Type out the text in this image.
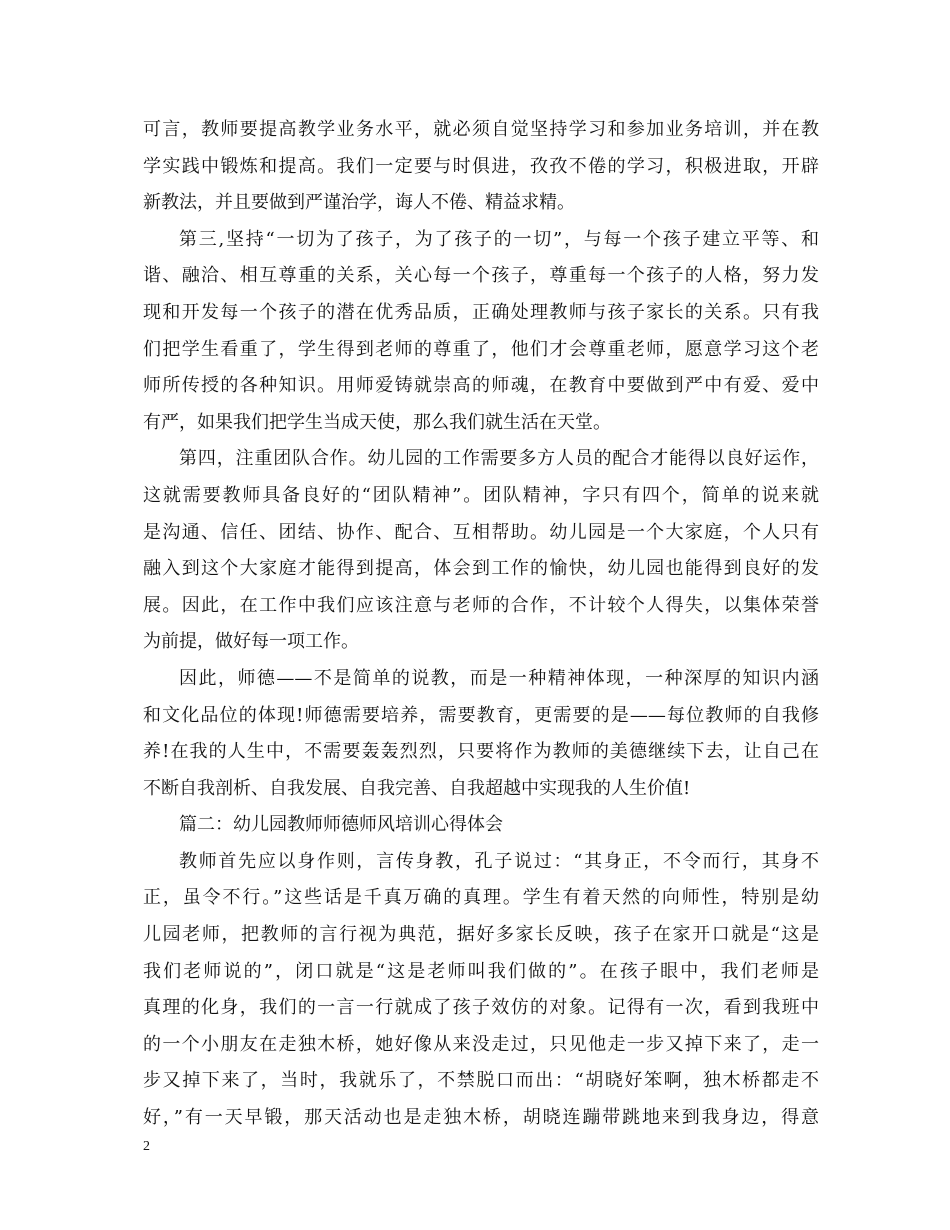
可言，教师要提高教学业务水平，就必须自觉坚持学习和参加业务培训，并在教
学实践中锻炼和提高。我们一定要与时俱进，孜孜不倦的学习，积极进取，开辟
新教法，并且要做到严谨治学，诲人不倦、精益求精。
第三,坚持“一切为了孩子，为了孩子的一切”，与每一个孩子建立平等、和
谐、融洽、相互尊重的关系，关心每一个孩子，尊重每一个孩子的人格，努力发
现和开发每一个孩子的潜在优秀品质，正确处理教师与孩子家长的关系。只有我
们把学生看重了，学生得到老师的尊重了，他们才会尊重老师，愿意学习这个老
师所传授的各种知识。用师爱铸就崇高的师魂，在教育中要做到严中有爱、爱中
有严，如果我们把学生当成天使，那么我们就生活在天堂。
第四，注重团队合作。幼儿园的工作需要多方人员的配合才能得以良好运作，
这就需要教师具备良好的“团队精神”。团队精神，字只有四个，简单的说来就
是沟通、信任、团结、协作、配合、互相帮助。幼儿园是一个大家庭，个人只有
融入到这个大家庭才能得到提高，体会到工作的愉快，幼儿园也能得到良好的发
展。因此，在工作中我们应该注意与老师的合作，不计较个人得失，以集体荣誉
为前提，做好每一项工作。
因此，师德——不是简单的说教，而是一种精神体现，一种深厚的知识内涵
和文化品位的体现!师德需要培养，需要教育，更需要的是——每位教师的自我修
养!在我的人生中，不需要轰轰烈烈，只要将作为教师的美德继续下去，让自己在
不断自我剖析、自我发展、自我完善、自我超越中实现我的人生价值!
篇二：幼儿园教师师德师风培训心得体会
教师首先应以身作则，言传身教，孔子说过：“其身正，不令而行，其身不
正，虽令不行。”这些话是千真万确的真理。学生有着天然的向师性，特别是幼
儿园老师，把教师的言行视为典范，据好多家长反映，孩子在家开口就是“这是
我们老师说的”，闭口就是“这是老师叫我们做的”。在孩子眼中，我们老师是
真理的化身，我们的一言一行就成了孩子效仿的对象。记得有一次，看到我班中
的一个小朋友在走独木桥，她好像从来没走过，只见他走一步又掉下来了，走一
步又掉下来了，当时，我就乐了，不禁脱口而出：“胡晓好笨啊，独木桥都走不
好，”有一天早锻，那天活动也是走独木桥，胡晓连蹦带跳地来到我身边，得意
2
